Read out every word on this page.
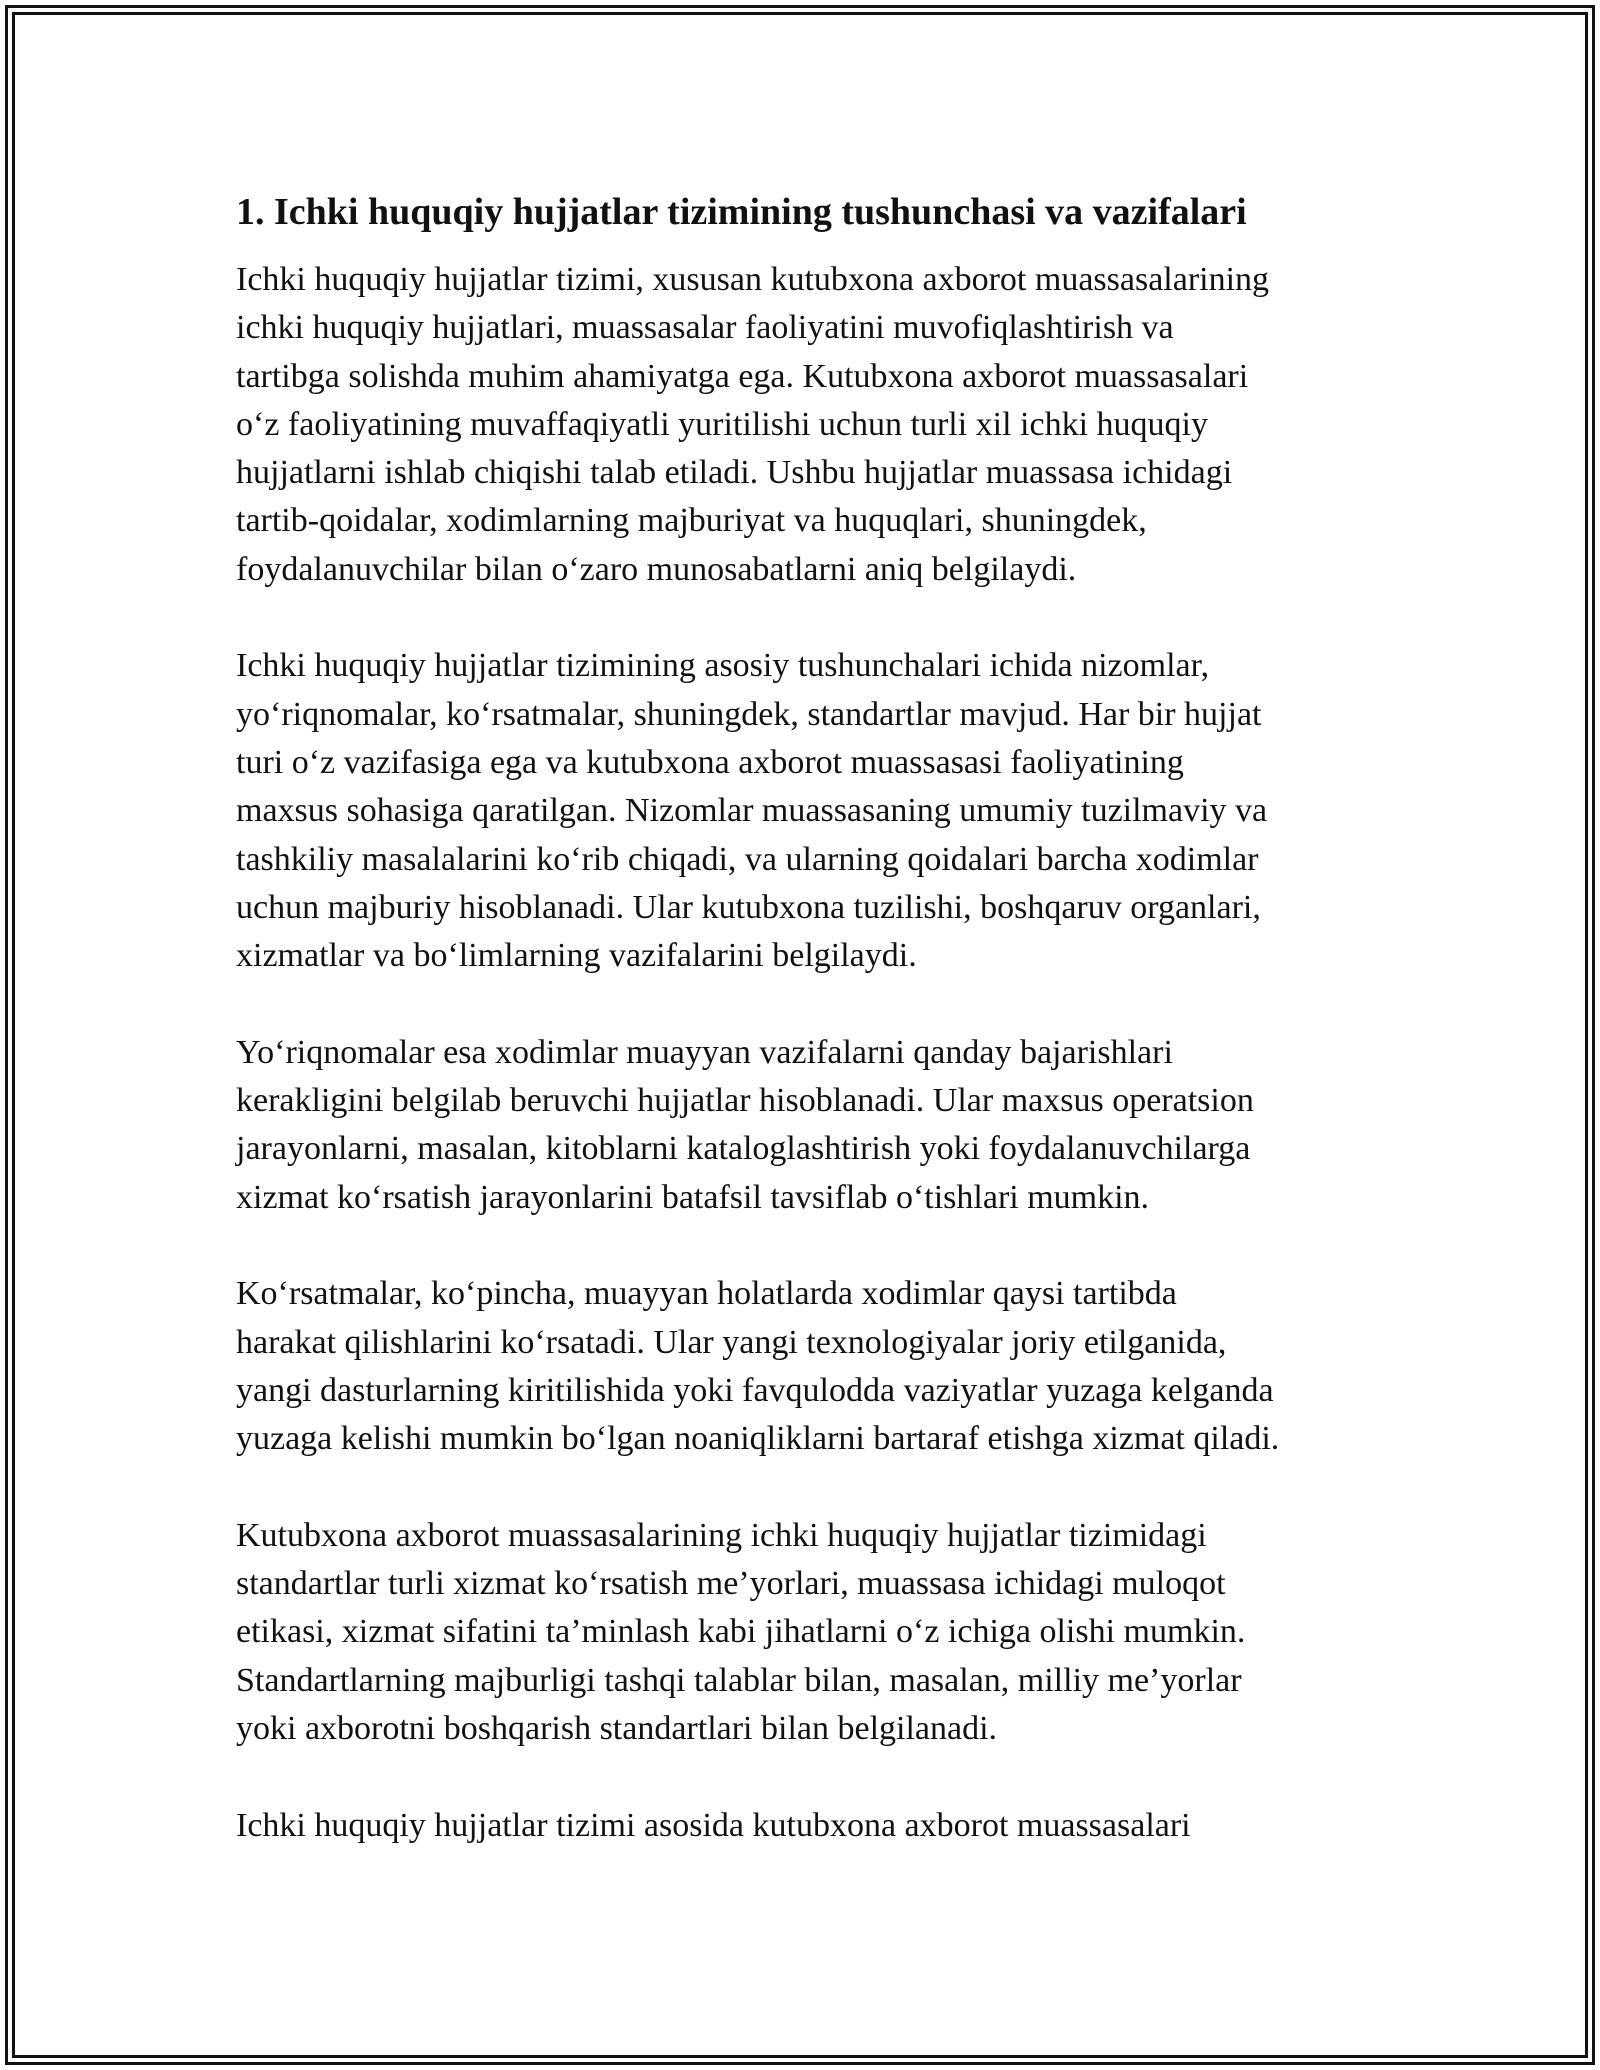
1. Ichki huquqiy hujjatlar tizimining tushunchasi va vazifalari

Ichki huquqiy hujjatlar tizimi, xususan kutubxona axborot muassasalarining
ichki huquqiy hujjatlari, muassasalar faoliyatini muvofiqlashtirish va
tartibga solishda muhim ahamiyatga ega. Kutubxona axborot muassasalari
o‘z faoliyatining muvaffaqiyatli yuritilishi uchun turli xil ichki huquqiy
hujjatlarni ishlab chiqishi talab etiladi. Ushbu hujjatlar muassasa ichidagi
tartib-qoidalar, xodimlarning majburiyat va huquqlari, shuningdek,
foydalanuvchilar bilan o‘zaro munosabatlarni aniq belgilaydi.

Ichki huquqiy hujjatlar tizimining asosiy tushunchalari ichida nizomlar,
yo‘riqnomalar, ko‘rsatmalar, shuningdek, standartlar mavjud. Har bir hujjat
turi o‘z vazifasiga ega va kutubxona axborot muassasasi faoliyatining
maxsus sohasiga qaratilgan. Nizomlar muassasaning umumiy tuzilmaviy va
tashkiliy masalalarini ko‘rib chiqadi, va ularning qoidalari barcha xodimlar
uchun majburiy hisoblanadi. Ular kutubxona tuzilishi, boshqaruv organlari,
xizmatlar va bo‘limlarning vazifalarini belgilaydi.

Yo‘riqnomalar esa xodimlar muayyan vazifalarni qanday bajarishlari
kerakligini belgilab beruvchi hujjatlar hisoblanadi. Ular maxsus operatsion
jarayonlarni, masalan, kitoblarni kataloglashtirish yoki foydalanuvchilarga
xizmat ko‘rsatish jarayonlarini batafsil tavsiflab o‘tishlari mumkin.

Ko‘rsatmalar, ko‘pincha, muayyan holatlarda xodimlar qaysi tartibda
harakat qilishlarini ko‘rsatadi. Ular yangi texnologiyalar joriy etilganida,
yangi dasturlarning kiritilishida yoki favqulodda vaziyatlar yuzaga kelganda
yuzaga kelishi mumkin bo‘lgan noaniqliklarni bartaraf etishga xizmat qiladi.

Kutubxona axborot muassasalarining ichki huquqiy hujjatlar tizimidagi
standartlar turli xizmat ko‘rsatish me’yorlari, muassasa ichidagi muloqot
etikasi, xizmat sifatini ta’minlash kabi jihatlarni o‘z ichiga olishi mumkin.
Standartlarning majburligi tashqi talablar bilan, masalan, milliy me’yorlar
yoki axborotni boshqarish standartlari bilan belgilanadi.

Ichki huquqiy hujjatlar tizimi asosida kutubxona axborot muassasalari
